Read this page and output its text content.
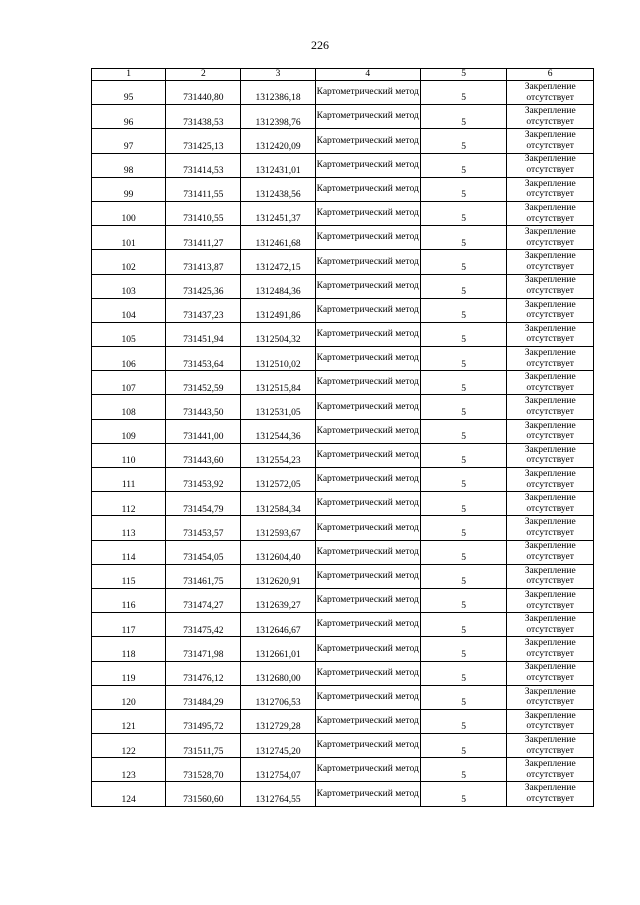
226
1	2	3	4	5	6
95	731440,80	1312386,18	Картометрический метод	5	Закрепление отсутствует
96	731438,53	1312398,76	Картометрический метод	5	Закрепление отсутствует
97	731425,13	1312420,09	Картометрический метод	5	Закрепление отсутствует
98	731414,53	1312431,01	Картометрический метод	5	Закрепление отсутствует
99	731411,55	1312438,56	Картометрический метод	5	Закрепление отсутствует
100	731410,55	1312451,37	Картометрический метод	5	Закрепление отсутствует
101	731411,27	1312461,68	Картометрический метод	5	Закрепление отсутствует
102	731413,87	1312472,15	Картометрический метод	5	Закрепление отсутствует
103	731425,36	1312484,36	Картометрический метод	5	Закрепление отсутствует
104	731437,23	1312491,86	Картометрический метод	5	Закрепление отсутствует
105	731451,94	1312504,32	Картометрический метод	5	Закрепление отсутствует
106	731453,64	1312510,02	Картометрический метод	5	Закрепление отсутствует
107	731452,59	1312515,84	Картометрический метод	5	Закрепление отсутствует
108	731443,50	1312531,05	Картометрический метод	5	Закрепление отсутствует
109	731441,00	1312544,36	Картометрический метод	5	Закрепление отсутствует
110	731443,60	1312554,23	Картометрический метод	5	Закрепление отсутствует
111	731453,92	1312572,05	Картометрический метод	5	Закрепление отсутствует
112	731454,79	1312584,34	Картометрический метод	5	Закрепление отсутствует
113	731453,57	1312593,67	Картометрический метод	5	Закрепление отсутствует
114	731454,05	1312604,40	Картометрический метод	5	Закрепление отсутствует
115	731461,75	1312620,91	Картометрический метод	5	Закрепление отсутствует
116	731474,27	1312639,27	Картометрический метод	5	Закрепление отсутствует
117	731475,42	1312646,67	Картометрический метод	5	Закрепление отсутствует
118	731471,98	1312661,01	Картометрический метод	5	Закрепление отсутствует
119	731476,12	1312680,00	Картометрический метод	5	Закрепление отсутствует
120	731484,29	1312706,53	Картометрический метод	5	Закрепление отсутствует
121	731495,72	1312729,28	Картометрический метод	5	Закрепление отсутствует
122	731511,75	1312745,20	Картометрический метод	5	Закрепление отсутствует
123	731528,70	1312754,07	Картометрический метод	5	Закрепление отсутствует
124	731560,60	1312764,55	Картометрический метод	5	Закрепление отсутствует
